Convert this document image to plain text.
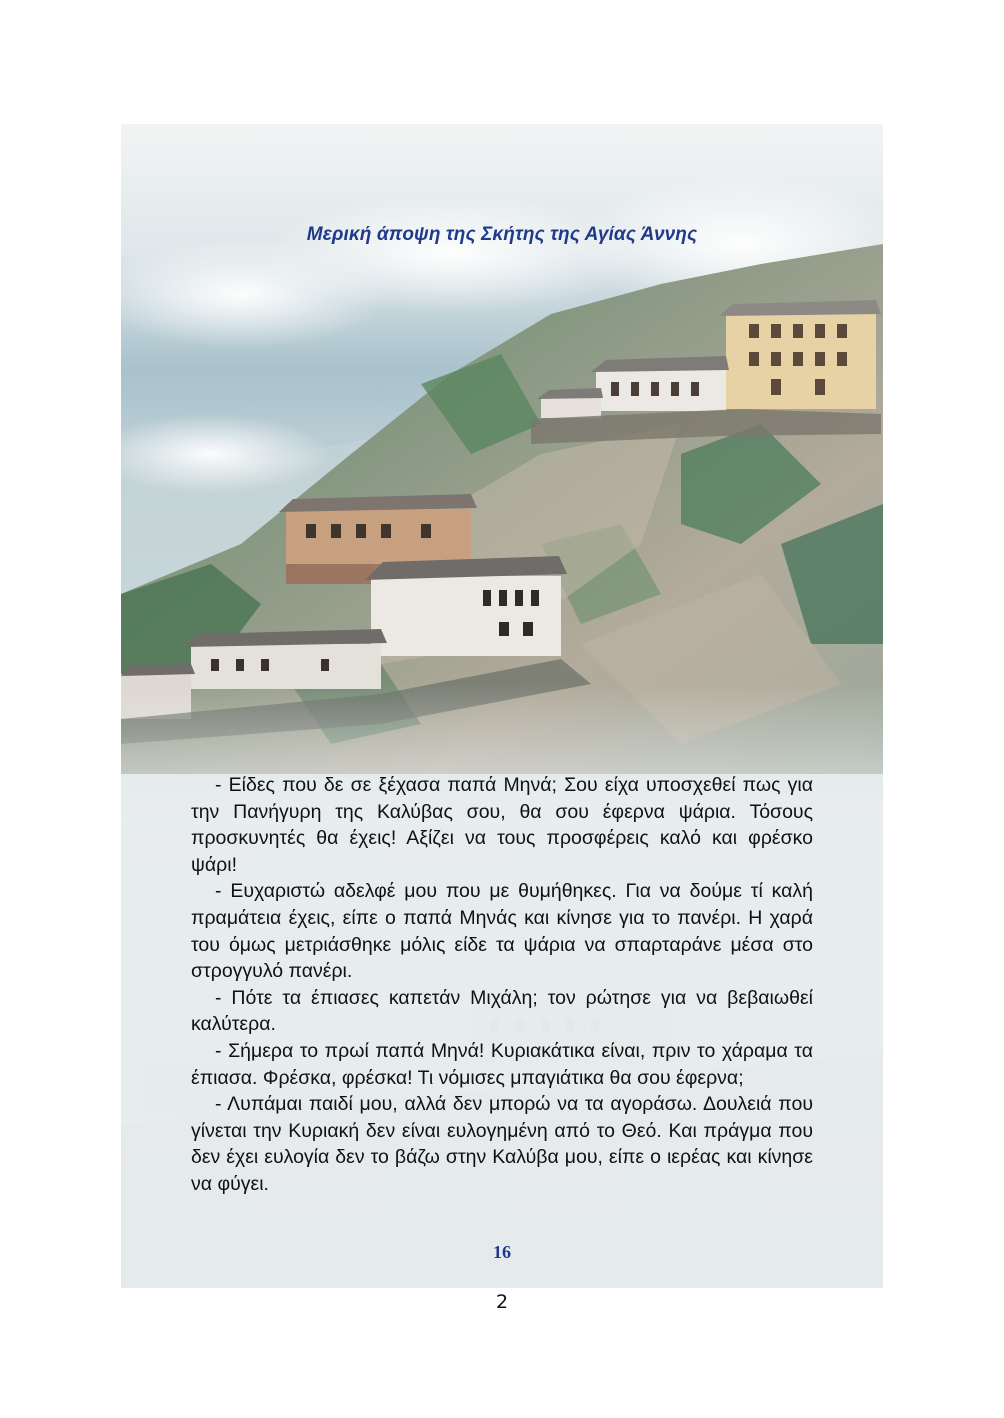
Μερική άποψη της Σκήτης της Αγίας Άννης

- Είδες που δε σε ξέχασα παπά Μηνά; Σου είχα υποσχεθεί πως για την Πανήγυρη της Καλύβας σου, θα σου έφερνα ψάρια. Τόσους προσκυνητές θα έχεις! Αξίζει να τους προσφέρεις καλό και φρέσκο ψάρι!

- Ευχαριστώ αδελφέ μου που με θυμήθηκες. Για να δούμε τί καλή πραμάτεια έχεις, είπε ο παπά Μηνάς και κίνησε για το πανέρι. Η χαρά του όμως μετριάσθηκε μόλις είδε τα ψάρια να σπαρταράνε μέσα στο στρογγυλό πανέρι.

- Πότε τα έπιασες καπετάν Μιχάλη; τον ρώτησε για να βεβαιωθεί καλύτερα.

- Σήμερα το πρωί παπά Μηνά! Κυριακάτικα είναι, πριν το χάραμα τα έπιασα. Φρέσκα, φρέσκα! Τι νόμισες μπαγιάτικα θα σου έφερνα;

- Λυπάμαι παιδί μου, αλλά δεν μπορώ να τα αγοράσω. Δουλειά που γίνεται την Κυριακή δεν είναι ευλογημένη από το Θεό. Και πράγμα που δεν έχει ευλογία δεν το βάζω στην Καλύβα μου, είπε ο ιερέας και κίνησε να φύγει.

16
2
